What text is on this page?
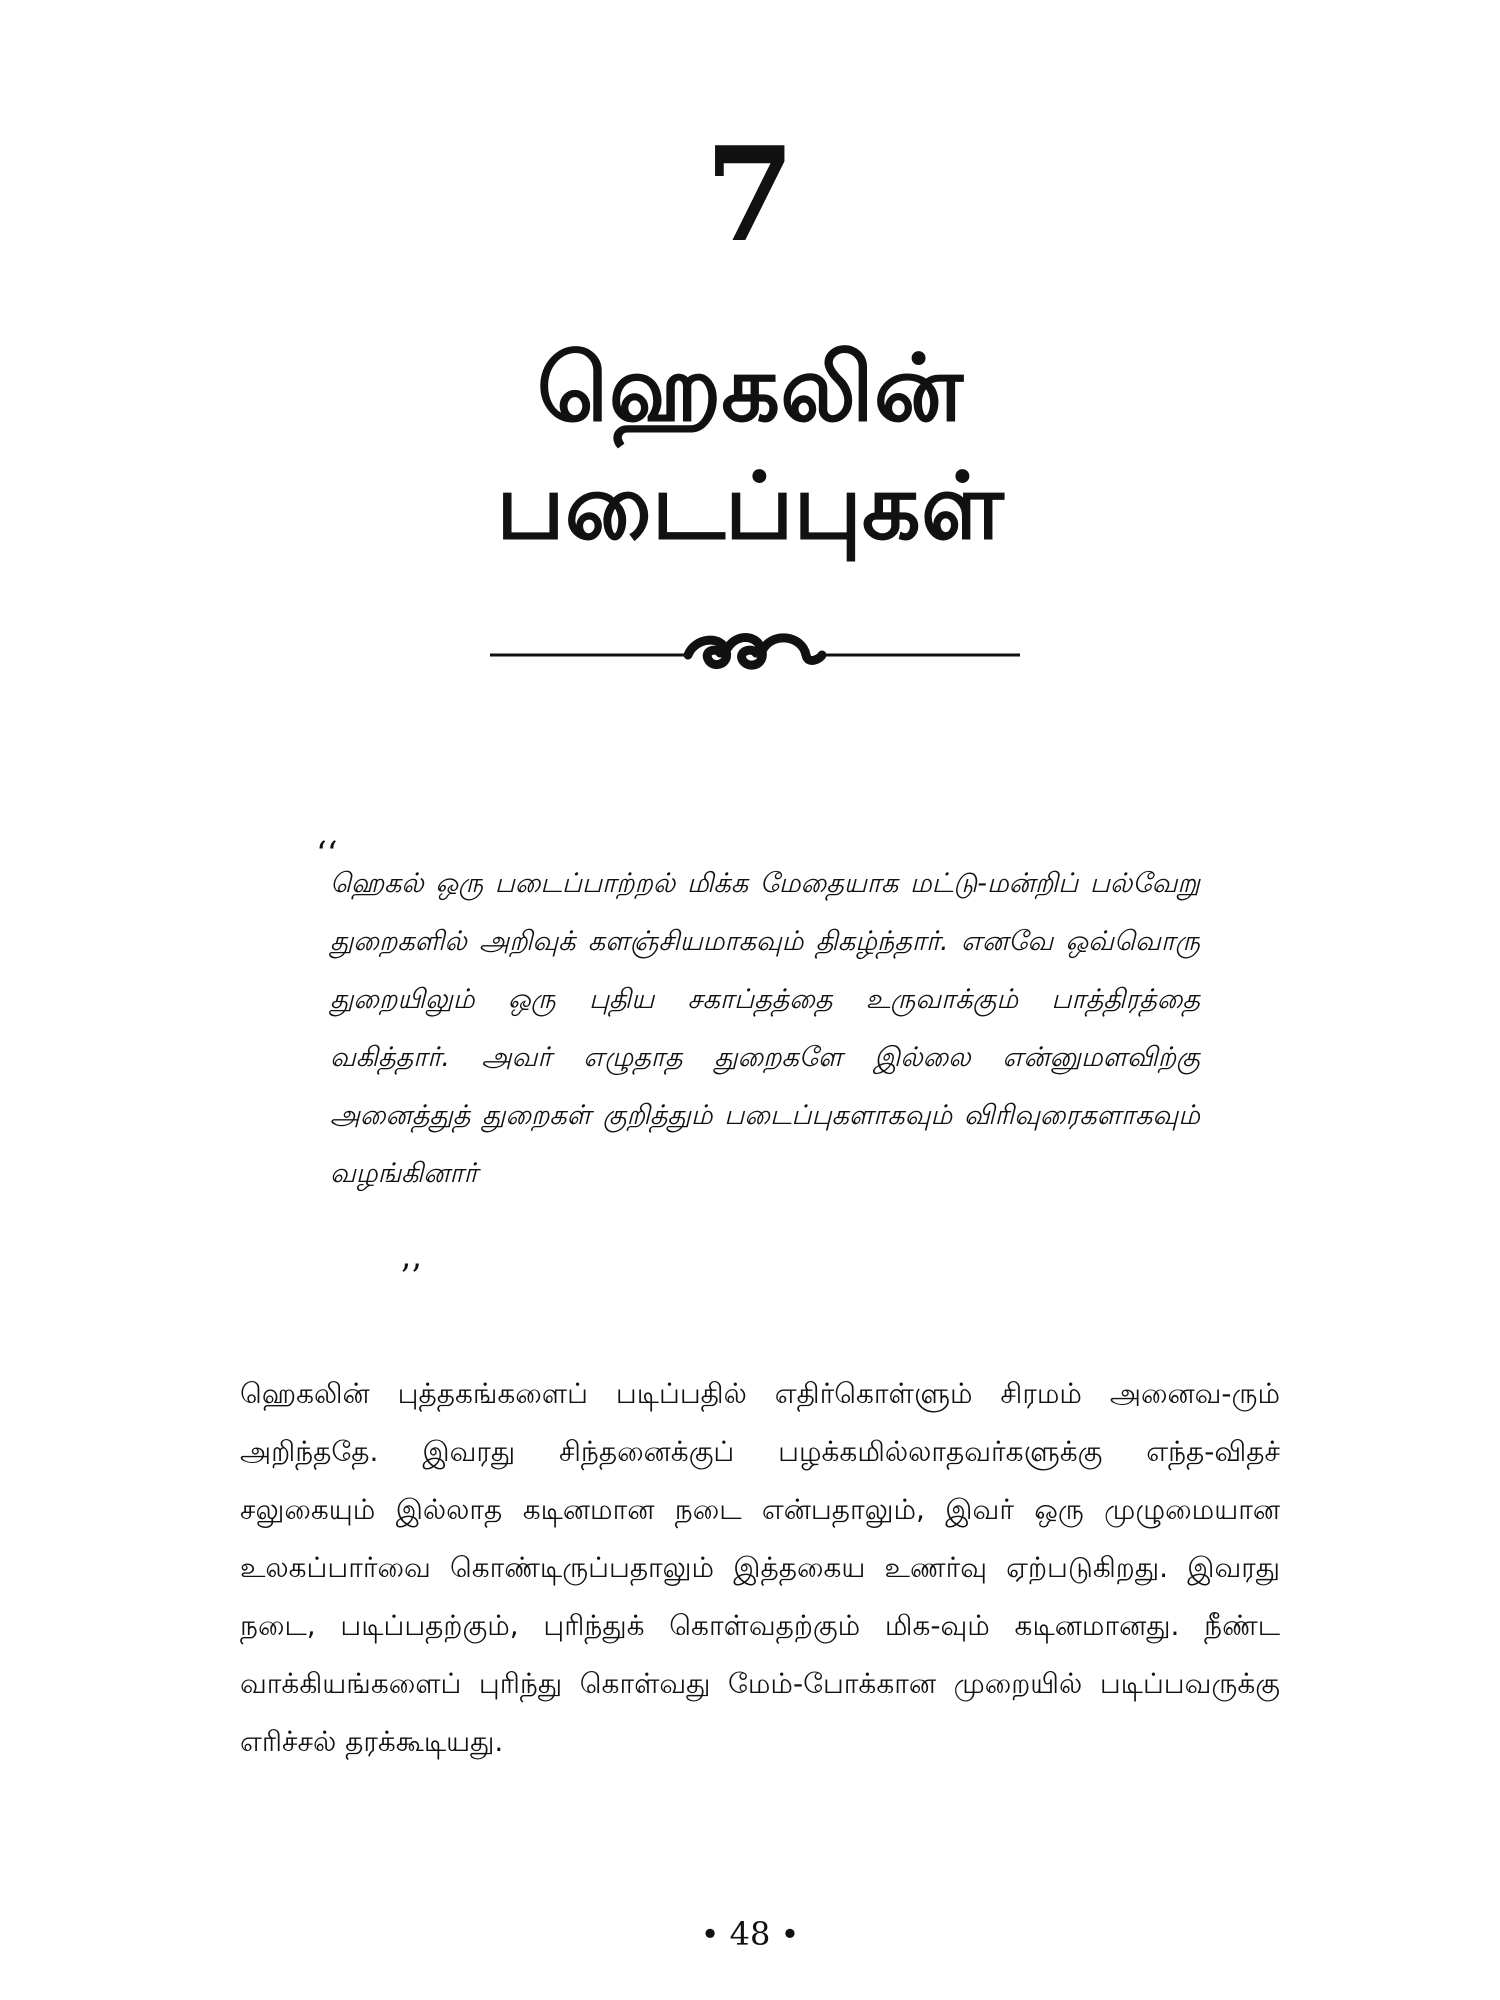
7
ஹெகலின் படைப்புகள்
‘‘
ஹெகல் ஒரு படைப்பாற்றல் மிக்க மேதையாக மட்டு-மன்றிப் பல்வேறு துறைகளில் அறிவுக் களஞ்சியமாகவும் திகழ்ந்தார். எனவே ஒவ்வொரு துறையிலும் ஒரு புதிய சகாப்தத்தை உருவாக்கும் பாத்திரத்தை வகித்தார். அவர் எழுதாத துறைகளே இல்லை என்னுமளவிற்கு அனைத்துத் துறைகள் குறித்தும் படைப்புகளாகவும் விரிவுரைகளாகவும் வழங்கினார்
’’
ஹெகலின் புத்தகங்களைப் படிப்பதில் எதிர்கொள்ளும் சிரமம் அனைவ-ரும் அறிந்ததே. இவரது சிந்தனைக்குப் பழக்கமில்லாதவர்களுக்கு எந்த-விதச் சலுகையும் இல்லாத கடினமான நடை என்பதாலும், இவர் ஒரு முழுமையான உலகப்பார்வை கொண்டிருப்பதாலும் இத்தகைய உணர்வு ஏற்படுகிறது. இவரது நடை, படிப்பதற்கும், புரிந்துக் கொள்வதற்கும் மிக-வும் கடினமானது. நீண்ட வாக்கியங்களைப் புரிந்து கொள்வது மேம்-போக்கான முறையில் படிப்பவருக்கு எரிச்சல் தரக்கூடியது.
• 48 •
